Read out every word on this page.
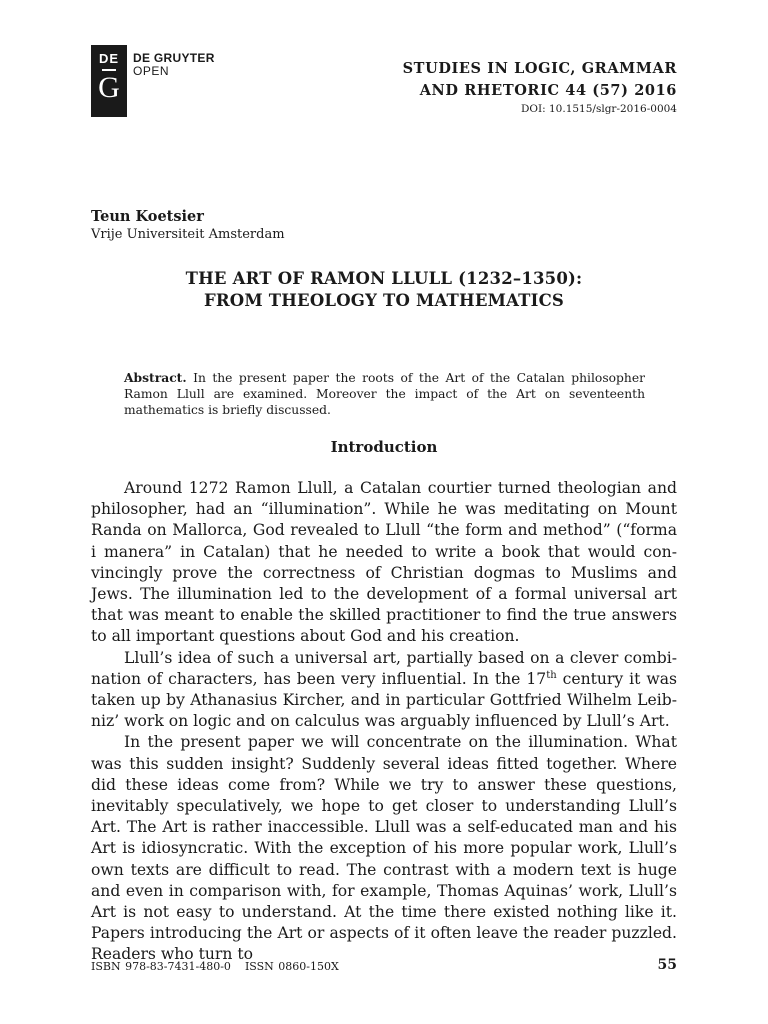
DE
G
DE GRUYTER
OPEN	STUDIES IN LOGIC, GRAMMAR
AND RHETORIC 44 (57) 2016
DOI: 10.1515/slgr-2016-0004
Teun Koetsier
Vrije Universiteit Amsterdam
THE ART OF RAMON LLULL (1232–1350):
FROM THEOLOGY TO MATHEMATICS
Abstract. In the present paper the roots of the Art of the Catalan philosopher Ramon Llull are examined. Moreover the impact of the Art on seventeenth mathematics is briefly discussed.
Introduction

Around 1272 Ramon Llull, a Catalan courtier turned theologian and philosopher, had an “illumination”. While he was meditating on Mount Randa on Mallorca, God revealed to Llull “the form and method” (“forma i manera” in Catalan) that he needed to write a book that would convincingly prove the correctness of Christian dogmas to Muslims and Jews. The illumination led to the development of a formal universal art that was meant to enable the skilled practitioner to find the true answers to all important questions about God and his creation.

Llull’s idea of such a universal art, partially based on a clever combination of characters, has been very influential. In the 17th century it was taken up by Athanasius Kircher, and in particular Gottfried Wilhelm Leibniz’ work on logic and on calculus was arguably influenced by Llull’s Art.

In the present paper we will concentrate on the illumination. What was this sudden insight? Suddenly several ideas fitted together. Where did these ideas come from? While we try to answer these questions, inevitably speculatively, we hope to get closer to understanding Llull’s Art. The Art is rather inaccessible. Llull was a self-educated man and his Art is idiosyncratic. With the exception of his more popular work, Llull’s own texts are difficult to read. The contrast with a modern text is huge and even in comparison with, for example, Thomas Aquinas’ work, Llull’s Art is not easy to understand. At the time there existed nothing like it. Papers introducing the Art or aspects of it often leave the reader puzzled. Readers who turn to

ISBN 978-83-7431-480-0 ISSN 0860-150X	55
